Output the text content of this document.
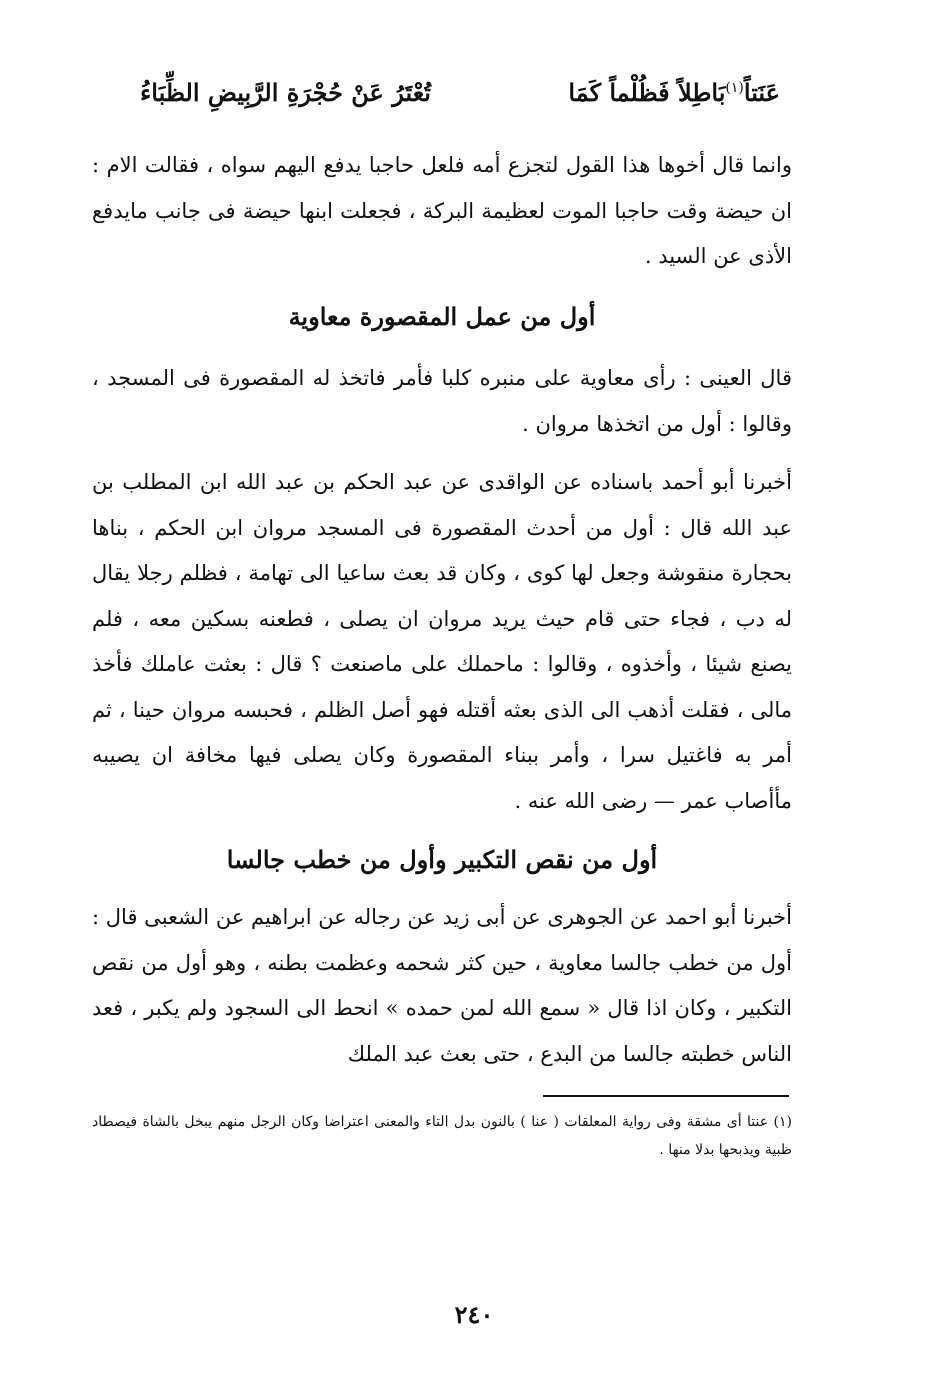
عَنَتاً$^{(١)}$بَاطِلاً فَظُلْماً كَمَا
تُعْتَرُ عَنْ حُجْرَةِ الرَّبِيضِ الظِّبَاءُ
وانما قال أخوها هذا القول لتجزع أمه فلعل حاجبا يدفع اليهم سواه ، فقالت الام : ان حيضة وقت حاجبا الموت لعظيمة البركة ، فجعلت ابنها حيضة فى جانب مايدفع الأذى عن السيد .
أول من عمل المقصورة معاوية
قال العينى : رأى معاوية على منبره كلبا فأمر فاتخذ له المقصورة فى المسجد ، وقالوا : أول من اتخذها مروان .
أخبرنا أبو أحمد باسناده عن الواقدى عن عبد الحكم بن عبد الله ابن المطلب بن عبد الله قال : أول من أحدث المقصورة فى المسجد مروان ابن الحكم ، بناها بحجارة منقوشة وجعل لها كوى ، وكان قد بعث ساعيا الى تهامة ، فظلم رجلا يقال له دب ، فجاء حتى قام حيث يريد مروان ان يصلى ، فطعنه بسكين معه ، فلم يصنع شيئا ، وأخذوه ، وقالوا : ماحملك على ماصنعت ؟ قال : بعثت عاملك فأخذ مالى ، فقلت أذهب الى الذى بعثه أقتله فهو أصل الظلم ، فحبسه مروان حينا ، ثم أمر به فاغتيل سرا ، وأمر ببناء المقصورة وكان يصلى فيها مخافة ان يصيبه مأأصاب عمر — رضى الله عنه .
أول من نقص التكبير وأول من خطب جالسا
أخبرنا أبو احمد عن الجوهرى عن أبى زيد عن رجاله عن ابراهيم عن الشعبى قال : أول من خطب جالسا معاوية ، حين كثر شحمه وعظمت بطنه ، وهو أول من نقص التكبير ، وكان اذا قال « سمع الله لمن حمده » انحط الى السجود ولم يكبر ، فعد الناس خطبته جالسا من البدع ، حتى بعث عبد الملك
(١) عنتا أى مشقة وفى رواية المعلقات ( عنا ) بالنون بدل التاء والمعنى اعتراضا وكان الرجل منهم يبخل بالشاة فيصطاد ظبية ويذبحها بدلا منها .
٢٤٠
